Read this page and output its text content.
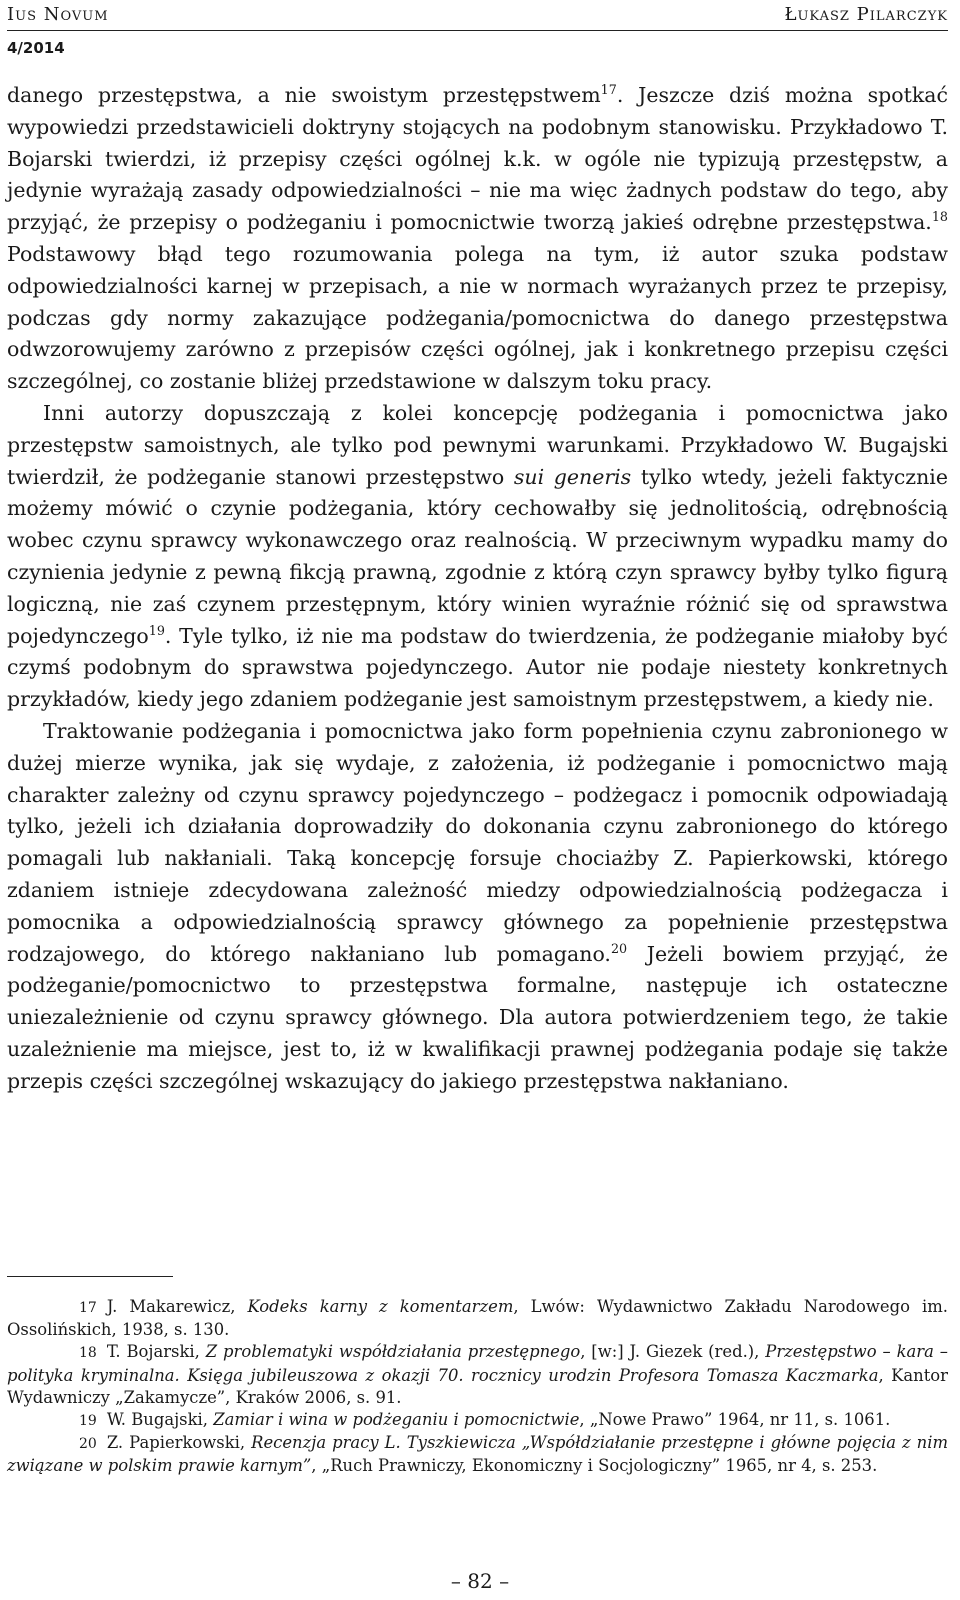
Ius Novum	Łukasz Pilarczyk
4/2014

danego przestępstwa, a nie swoistym przestępstwem$^{17}$. Jeszcze dziś można spotkać wypowiedzi przedstawicieli doktryny stojących na podobnym stanowisku. Przykładowo T. Bojarski twierdzi, iż przepisy części ogólnej k.k. w ogóle nie typizują przestępstw, a jedynie wyrażają zasady odpowiedzialności – nie ma więc żadnych podstaw do tego, aby przyjąć, że przepisy o podżeganiu i pomocnictwie tworzą jakieś odrębne przestępstwa.$^{18}$ Podstawowy błąd tego rozumowania polega na tym, iż autor szuka podstaw odpowiedzialności karnej w przepisach, a nie w normach wyrażanych przez te przepisy, podczas gdy normy zakazujące podżegania/pomocnictwa do danego przestępstwa odwzorowujemy zarówno z przepisów części ogólnej, jak i konkretnego przepisu części szczególnej, co zostanie bliżej przedstawione w dalszym toku pracy.

Inni autorzy dopuszczają z kolei koncepcję podżegania i pomocnictwa jako przestępstw samoistnych, ale tylko pod pewnymi warunkami. Przykładowo W. Bugajski twierdził, że podżeganie stanowi przestępstwo sui generis tylko wtedy, jeżeli faktycznie możemy mówić o czynie podżegania, który cechowałby się jednolitością, odrębnością wobec czynu sprawcy wykonawczego oraz realnością. W przeciwnym wypadku mamy do czynienia jedynie z pewną fikcją prawną, zgodnie z którą czyn sprawcy byłby tylko figurą logiczną, nie zaś czynem przestępnym, który winien wyraźnie różnić się od sprawstwa pojedynczego$^{19}$. Tyle tylko, iż nie ma podstaw do twierdzenia, że podżeganie miałoby być czymś podobnym do sprawstwa pojedynczego. Autor nie podaje niestety konkretnych przykładów, kiedy jego zdaniem podżeganie jest samoistnym przestępstwem, a kiedy nie.

Traktowanie podżegania i pomocnictwa jako form popełnienia czynu zabronionego w dużej mierze wynika, jak się wydaje, z założenia, iż podżeganie i pomocnictwo mają charakter zależny od czynu sprawcy pojedynczego – podżegacz i pomocnik odpowiadają tylko, jeżeli ich działania doprowadziły do dokonania czynu zabronionego do którego pomagali lub nakłaniali. Taką koncepcję forsuje chociażby Z. Papierkowski, którego zdaniem istnieje zdecydowana zależność miedzy odpowiedzialnością podżegacza i pomocnika a odpowiedzialnością sprawcy głównego za popełnienie przestępstwa rodzajowego, do którego nakłaniano lub pomagano.$^{20}$ Jeżeli bowiem przyjąć, że podżeganie/pomocnictwo to przestępstwa formalne, następuje ich ostateczne uniezależnienie od czynu sprawcy głównego. Dla autora potwierdzeniem tego, że takie uzależnienie ma miejsce, jest to, iż w kwalifikacji prawnej podżegania podaje się także przepis części szczególnej wskazujący do jakiego przestępstwa nakłaniano.

17 J. Makarewicz, Kodeks karny z komentarzem, Lwów: Wydawnictwo Zakładu Narodowego im. Ossolińskich, 1938, s. 130.

18 T. Bojarski, Z problematyki współdziałania przestępnego, [w:] J. Giezek (red.), Przestępstwo – kara – polityka kryminalna. Księga jubileuszowa z okazji 70. rocznicy urodzin Profesora Tomasza Kaczmarka, Kantor Wydawniczy „Zakamycze”, Kraków 2006, s. 91.

19 W. Bugajski, Zamiar i wina w podżeganiu i pomocnictwie, „Nowe Prawo” 1964, nr 11, s. 1061.

20 Z. Papierkowski, Recenzja pracy L. Tyszkiewicza „Współdziałanie przestępne i główne pojęcia z nim związane w polskim prawie karnym”, „Ruch Prawniczy, Ekonomiczny i Socjologiczny” 1965, nr 4, s. 253.

– 82 –
